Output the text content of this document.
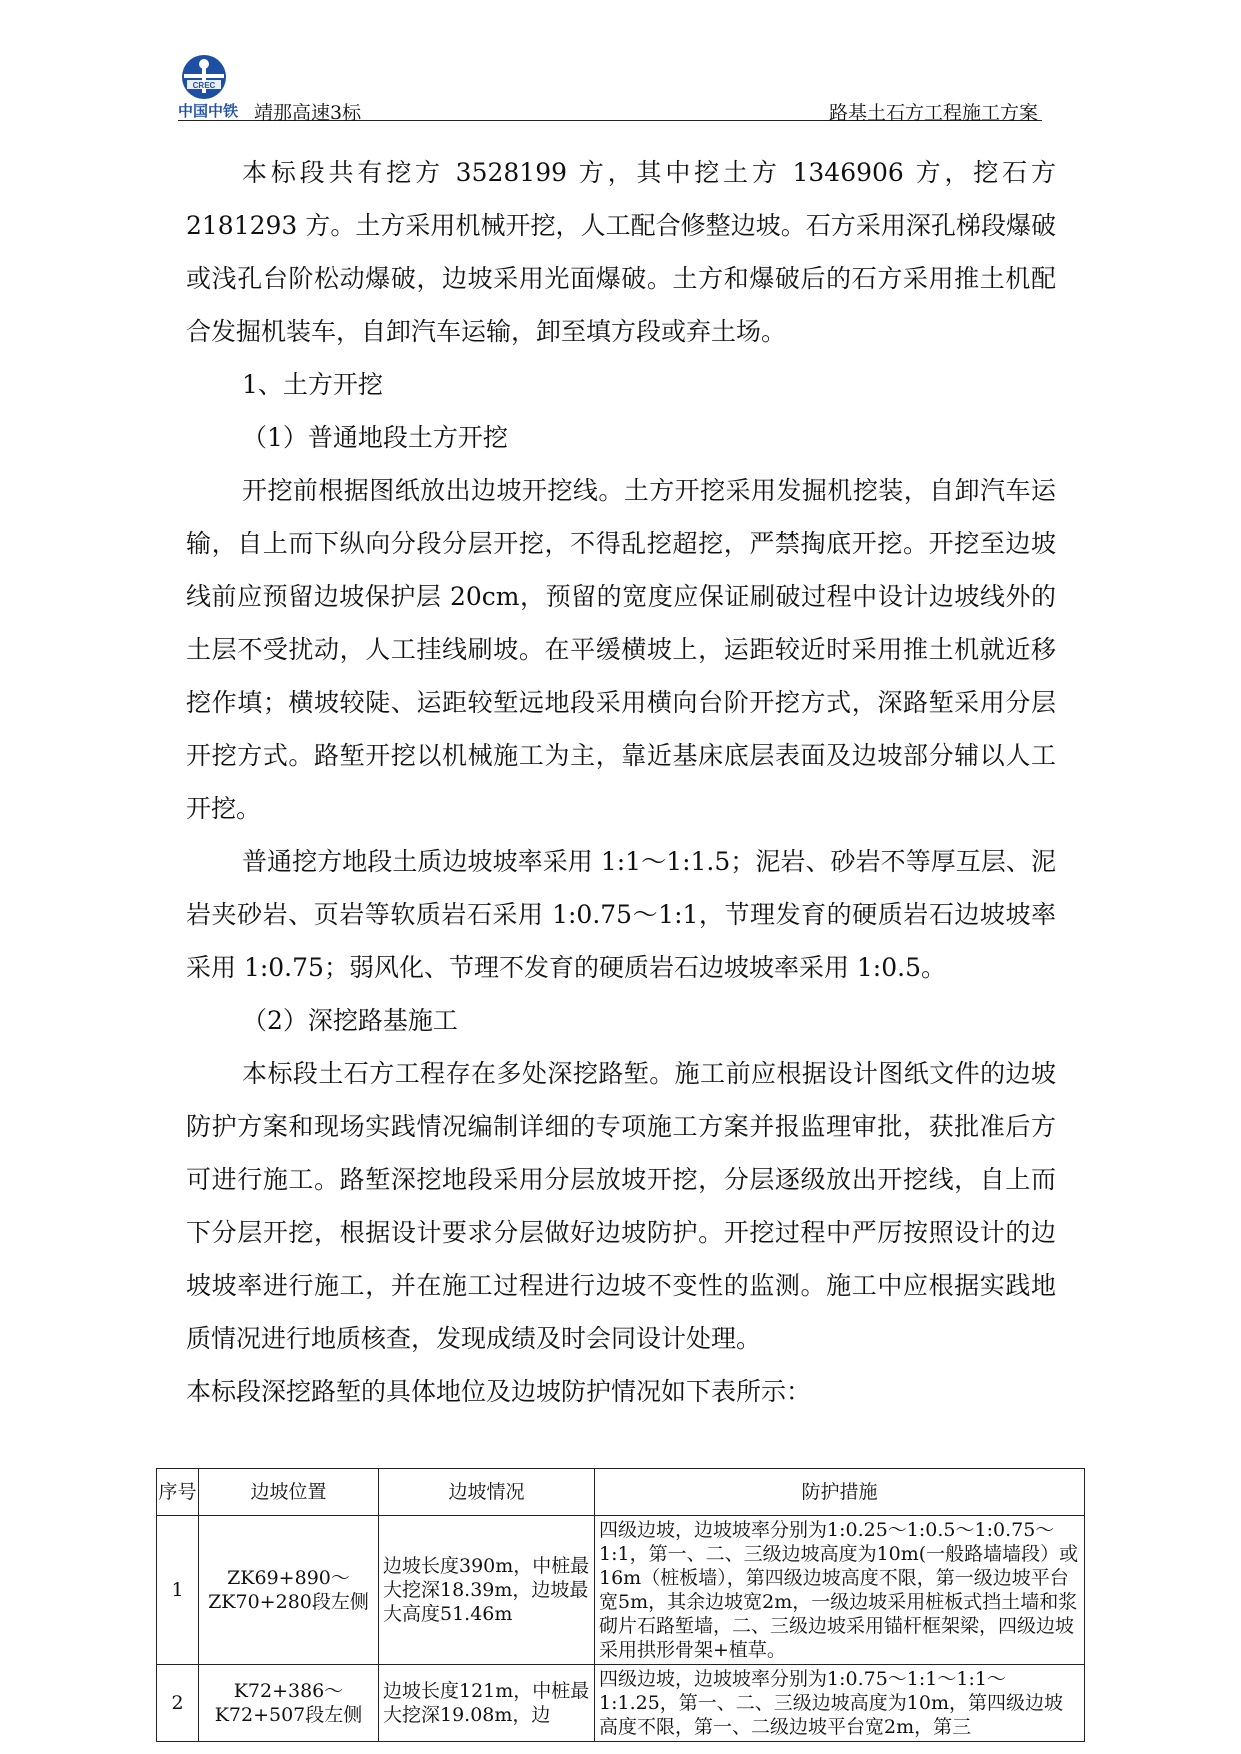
CREC
中国中铁 靖那高速3标	路基土石方工程施工方案

本标段共有挖方 3528199 方，其中挖土方 1346906 方，挖石方 2181293 方。土方采用机械开挖，人工配合修整边坡。石方采用深孔梯段爆破或浅孔台阶松动爆破，边坡采用光面爆破。土方和爆破后的石方采用推土机配合发掘机装车，自卸汽车运输，卸至填方段或弃土场。

1、土方开挖

（1）普通地段土方开挖

开挖前根据图纸放出边坡开挖线。土方开挖采用发掘机挖装，自卸汽车运输，自上而下纵向分段分层开挖，不得乱挖超挖，严禁掏底开挖。开挖至边坡线前应预留边坡保护层 20cm，预留的宽度应保证刷破过程中设计边坡线外的土层不受扰动，人工挂线刷坡。在平缓横坡上，运距较近时采用推土机就近移挖作填；横坡较陡、运距较堑远地段采用横向台阶开挖方式，深路堑采用分层开挖方式。路堑开挖以机械施工为主，靠近基床底层表面及边坡部分辅以人工开挖。

普通挖方地段土质边坡坡率采用 1:1～1:1.5；泥岩、砂岩不等厚互层、泥岩夹砂岩、页岩等软质岩石采用 1:0.75～1:1，节理发育的硬质岩石边坡坡率采用 1:0.75；弱风化、节理不发育的硬质岩石边坡坡率采用 1:0.5。

（2）深挖路基施工

本标段土石方工程存在多处深挖路堑。施工前应根据设计图纸文件的边坡防护方案和现场实践情况编制详细的专项施工方案并报监理审批，获批准后方可进行施工。路堑深挖地段采用分层放坡开挖，分层逐级放出开挖线，自上而下分层开挖，根据设计要求分层做好边坡防护。开挖过程中严厉按照设计的边坡坡率进行施工，并在施工过程进行边坡不变性的监测。施工中应根据实践地质情况进行地质核查，发现成绩及时会同设计处理。

本标段深挖路堑的具体地位及边坡防护情况如下表所示：

序号	边坡位置	边坡情况	防护措施
1	ZK69+890～ZK70+280段左侧	边坡长度390m，中桩最大挖深18.39m，边坡最大高度51.46m	四级边坡，边坡坡率分别为1:0.25～1:0.5～1:0.75～1:1，第一、二、三级边坡高度为10m(一般路墙墙段）或16m（桩板墙），第四级边坡高度不限，第一级边坡平台宽5m，其余边坡宽2m，一级边坡采用桩板式挡土墙和浆砌片石路堑墙，二、三级边坡采用锚杆框架梁，四级边坡采用拱形骨架+植草。
2	K72+386～K72+507段左侧	边坡长度121m，中桩最大挖深19.08m，边	四级边坡，边坡坡率分别为1:0.75～1:1～1:1～1:1.25，第一、二、三级边坡高度为10m，第四级边坡高度不限，第一、二级边坡平台宽2m，第三
